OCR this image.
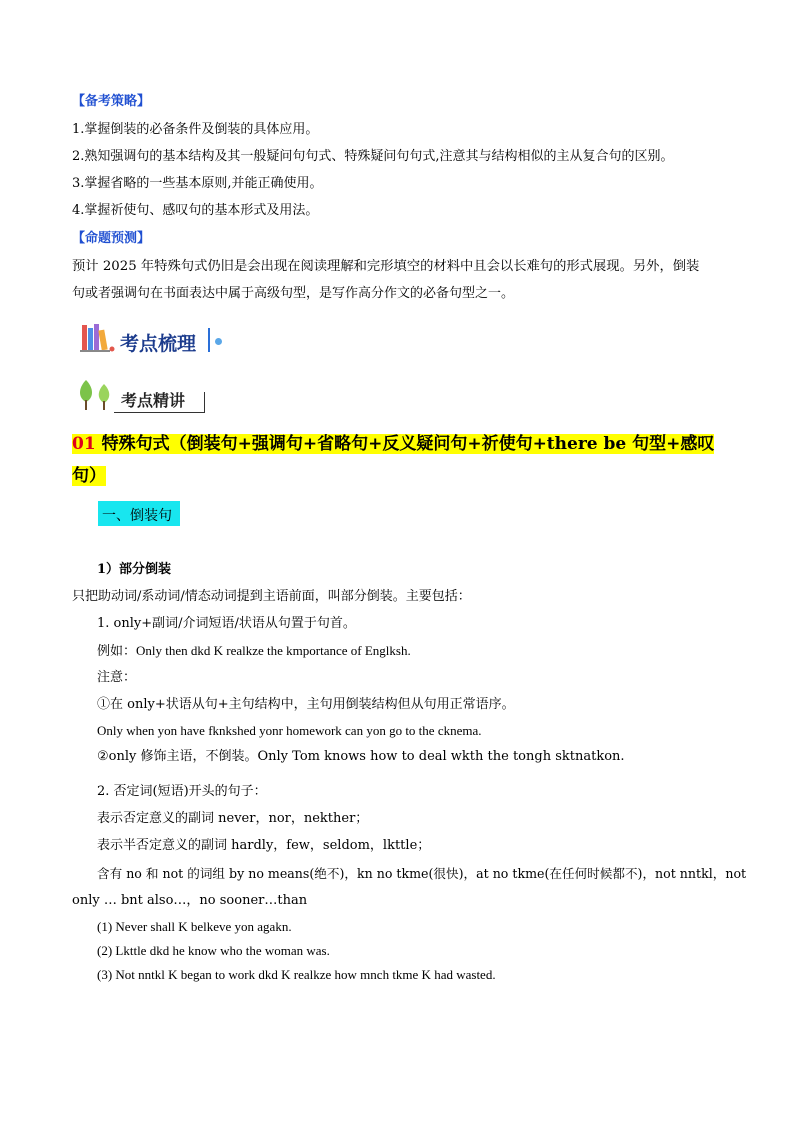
【备考策略】
1.掌握倒装的必备条件及倒装的具体应用。
2.熟知强调句的基本结构及其一般疑问句句式、特殊疑问句句式,注意其与结构相似的主从复合句的区别。
3.掌握省略的一些基本原则,并能正确使用。
4.掌握祈使句、感叹句的基本形式及用法。
【命题预测】
预计 2025 年特殊句式仍旧是会出现在阅读理解和完形填空的材料中且会以长难句的形式展现。另外，倒装
句或者强调句在书面表达中属于高级句型，是写作高分作文的必备句型之一。
考点梳理
考点精讲
01 特殊句式（倒装句+强调句+省略句+反义疑问句+祈使句+there be 句型+感叹句）
一、倒装句
1）部分倒装
只把助动词/系动词/情态动词提到主语前面，叫部分倒装。主要包括：
1. only+副词/介词短语/状语从句置于句首。
例如：Only then dkd K realkze the kmportance of Englksh.
注意：
①在 only+状语从句+主句结构中，主句用倒装结构但从句用正常语序。
Only when yon have fknkshed yonr homework can yon go to the cknema.
②only 修饰主语，不倒装。Only Tom knows how to deal wkth the tongh sktnatkon.
2. 否定词(短语)开头的句子：
表示否定意义的副词 never，nor，nekther；
表示半否定意义的副词 hardly，few，seldom，lkttle；
含有 no 和 not 的词组 by no means(绝不)，kn no tkme(很快)，at no tkme(在任何时候都不)，not nntkl，not
only … bnt also…，no sooner…than
(1) Never shall K belkeve yon agakn.
(2) Lkttle dkd he know who the woman was.
(3) Not nntkl K began to work dkd K realkze how mnch tkme K had wasted.
